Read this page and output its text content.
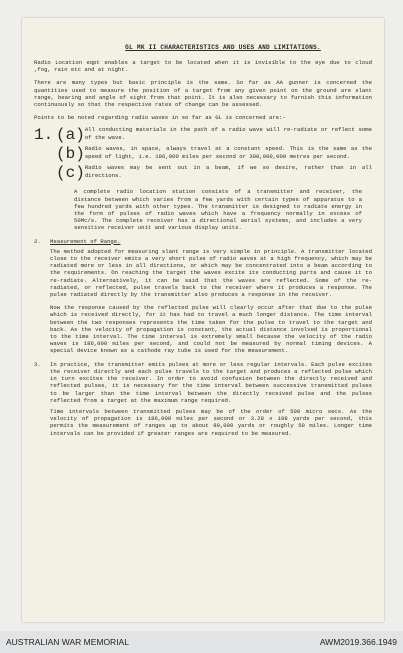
GL MK II CHARACTERISTICS AND USES AND LIMITATIONS.

Radio Location eqpt enables a target to be located when it is invisible to the eye due to cloud ,fog, rain etc and at night.

There are many types but basic principle is the same. So far as AA gunner is concerned the quantities used to measure the position of a target from any given point on the ground are slant range, bearing and angle of sight from that point. It is also necessary to furnish this information continuously so that the respective rates of change can be assessed.

Points to be noted regarding radio waves in so far as GL is concerned are:-

1. (a) All conducting materials in the path of a radio wave will re-radiate or reflect some of the wave.
(b) Radio waves, in space, always travel at a constant speed. This is the same as the speed of light, i.e. 186,000 miles per second or 300,000,000 metres per second.
(c) Radio waves may be sent out in a beam, if we so desire, rather than in all directions.

A complete radio location station consists of a transmitter and receiver, the distance between which varies from a few yards with certain types of apparatus to a few hundred yards with other types. The transmitter is designed to radiate energy in the form of pulses of radio waves which have a frequency normally in excess of 50Mc/s. The complete receiver has a directional aerial systems, and includes a very sensitive receiver unit and various display units.

2.	Measurement of Range.

The method adopted for measuring slant range is very simple in principle. A transmitter located close to the receiver emits a very short pulse of radio waves at a high frequency, which may be radiated more or less in all directions, or which may be concentrated into a beam according to the requirements. On reaching the target the waves excite its conducting parts and cause it to re-radiate. Alternatively, it can be said that the waves are reflected. Some of the re-radiated, or reflected, pulse travels back to the receiver where it produces a response. The pulse radiated directly by the transmitter also produces a response in the receiver.

Now the response caused by the reflected pulse will clearly occur after that due to the pulse which is received directly, for it has had to travel a much longer distance. The time interval between the two responses represents the time taken for the pulse to travel to the target and back. As the velocity of propagation is constant, the actual distance involved is proportional to the time interval. The time interval is extremely small because the velocity of the radio waves is 186,000 miles per second, and could not be measured by normal timing devices. A special device known as a cathode ray tube is used for the measurement.

3.	In practice, the transmitter emits pulses at more or less regular intervals. Each pulse excites the receiver directly and each pulse travels to the target and produces a reflected pulse which in turn excites the receiver. In order to avoid confusion between the directly received and reflected pulses, it is necessary for the time interval between successive transmitted pulses to be larger than the time interval between the directly received pulse and the pulses reflected from a target at the maximum range required.

Time intervals between transmitted pulses may be of the order of 500 micro secs. As the velocity of propagation is 186,000 miles per second or 3.28 x 108 yards per second, this permits the measurement of ranges up to about 80,000 yards or roughly 50 miles. Longer time intervals can be provided if greater ranges are required to be measured.

AUSTRALIAN WAR MEMORIAL	AWM2019.366.1949
